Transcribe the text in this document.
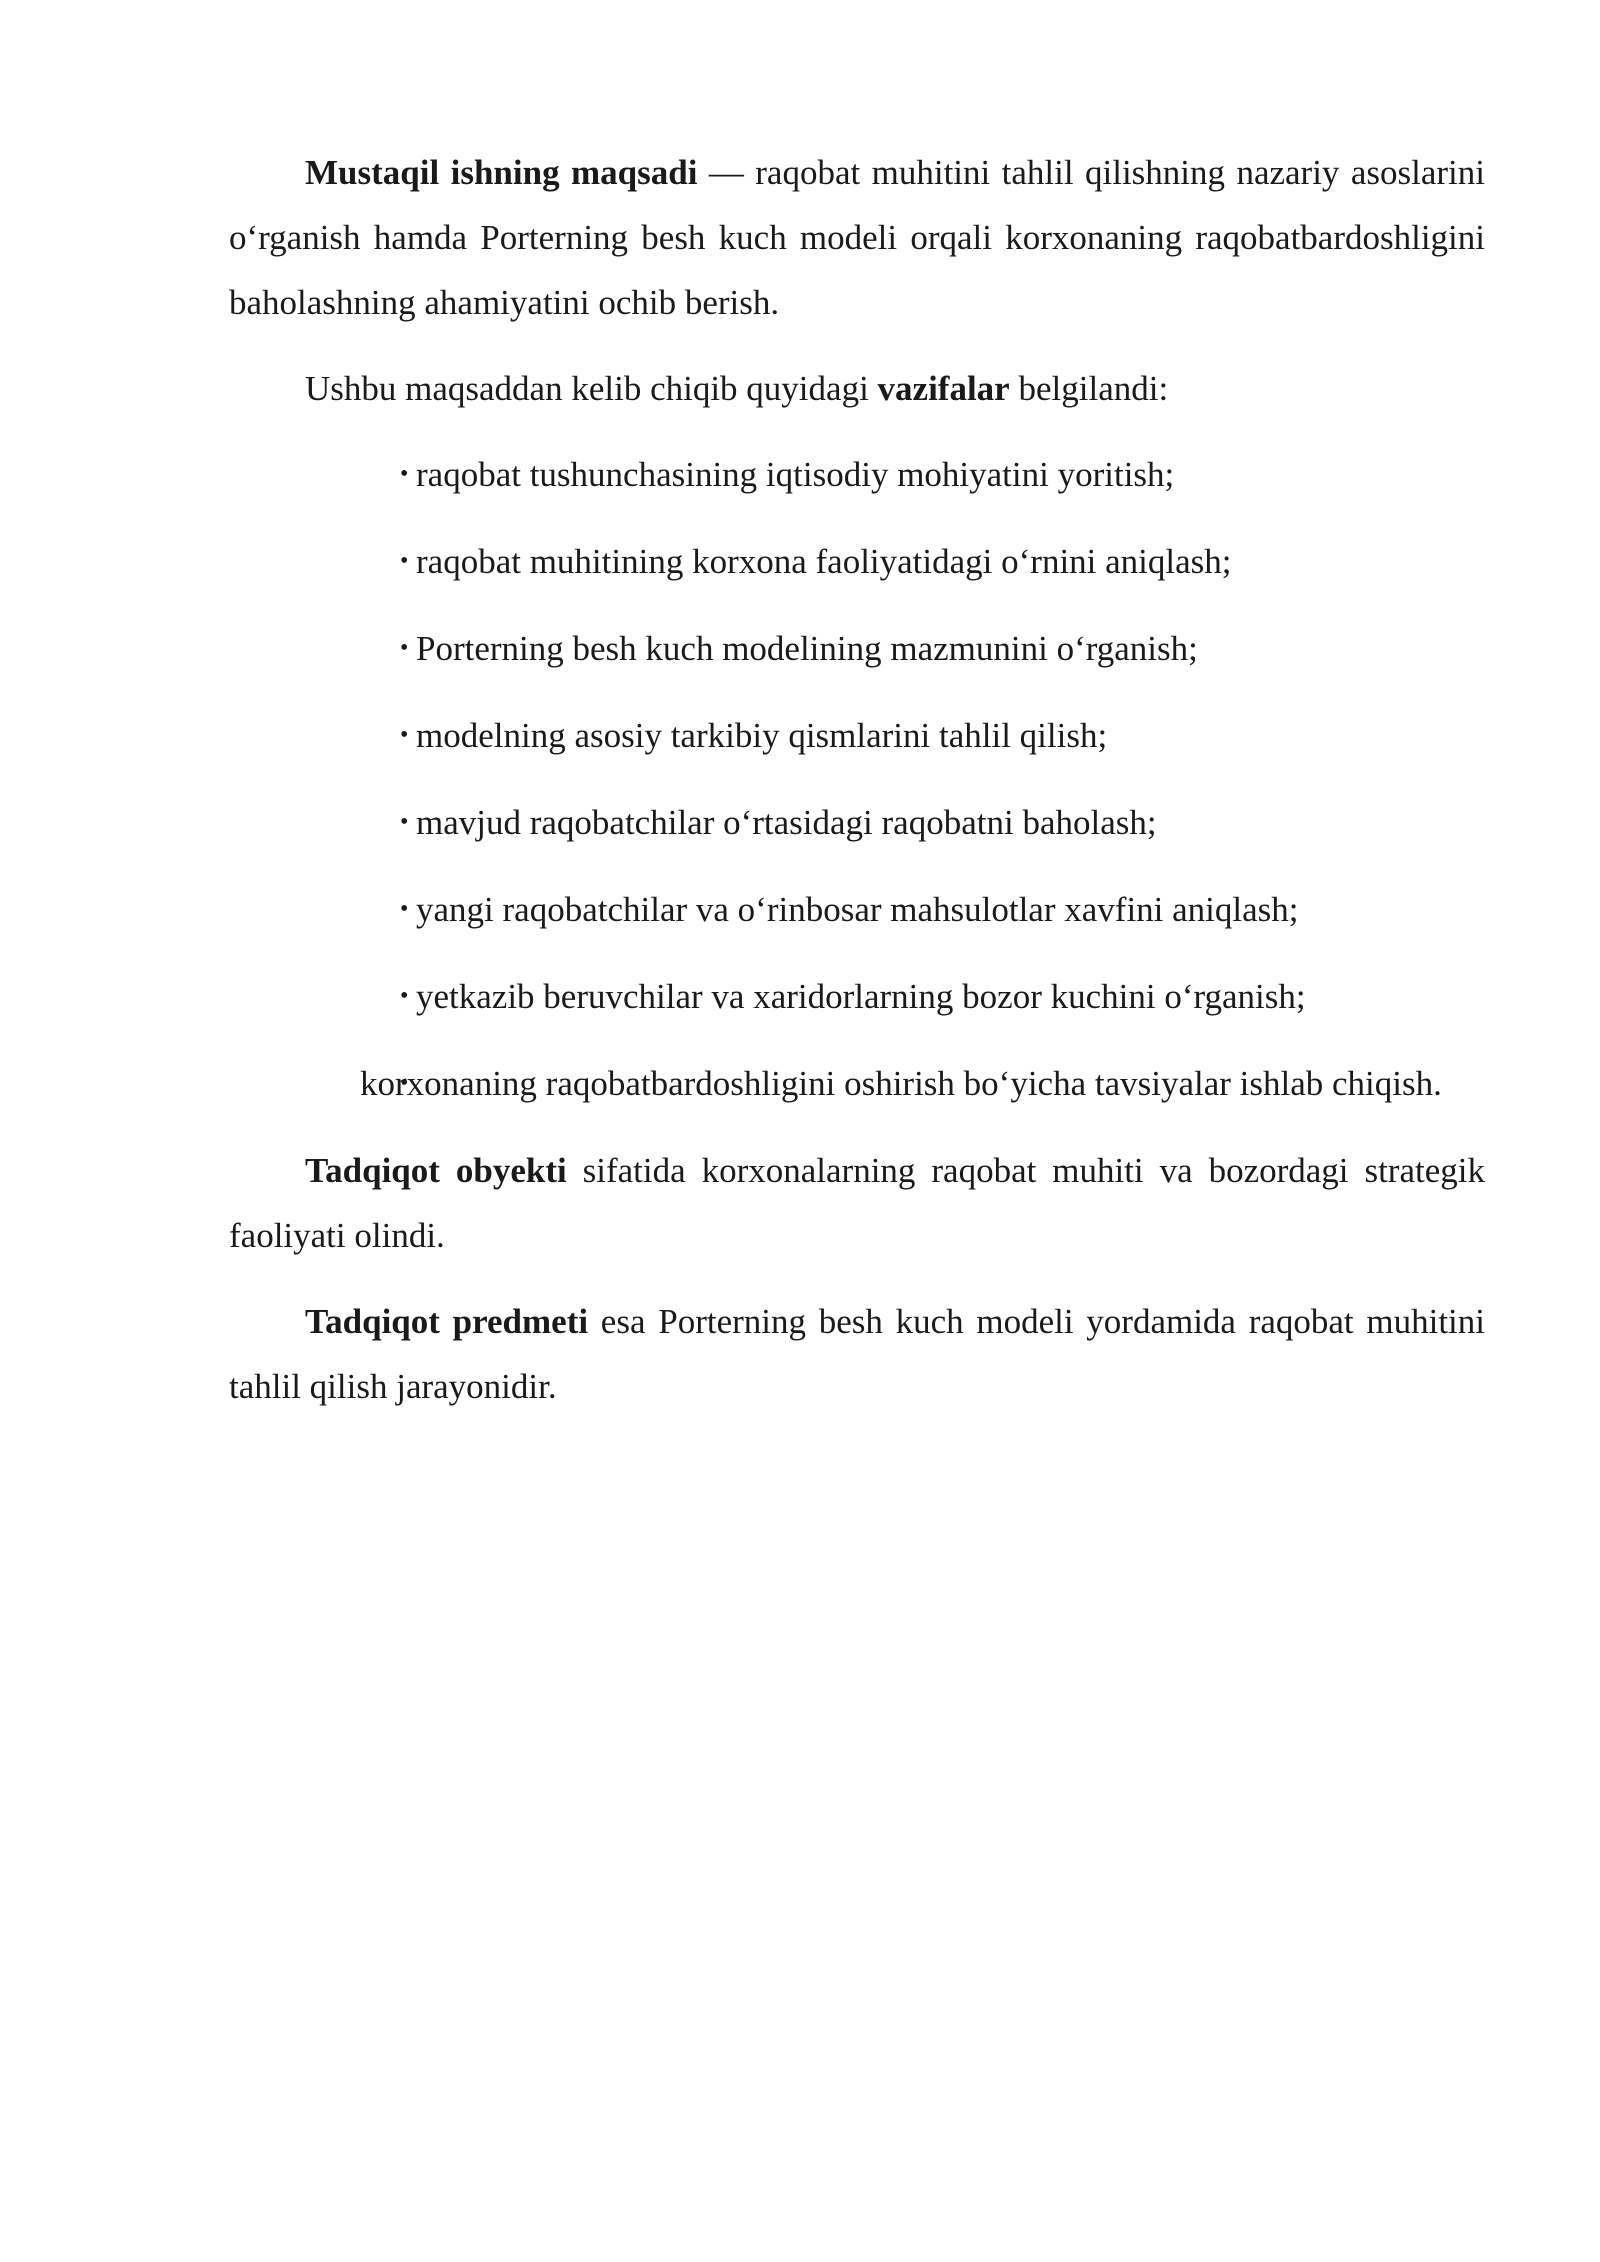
Mustaqil ishning maqsadi — raqobat muhitini tahlil qilishning nazariy asoslarini o‘rganish hamda Porterning besh kuch modeli orqali korxonaning raqobatbardoshligini baholashning ahamiyatini ochib berish.

Ushbu maqsaddan kelib chiqib quyidagi vazifalar belgilandi:

• raqobat tushunchasining iqtisodiy mohiyatini yoritish;
• raqobat muhitining korxona faoliyatidagi o‘rnini aniqlash;
• Porterning besh kuch modelining mazmunini o‘rganish;
• modelning asosiy tarkibiy qismlarini tahlil qilish;
• mavjud raqobatchilar o‘rtasidagi raqobatni baholash;
• yangi raqobatchilar va o‘rinbosar mahsulotlar xavfini aniqlash;
• yetkazib beruvchilar va xaridorlarning bozor kuchini o‘rganish;
• korxonaning raqobatbardoshligini oshirish bo‘yicha tavsiyalar ishlab chiqish.

Tadqiqot obyekti sifatida korxonalarning raqobat muhiti va bozordagi strategik faoliyati olindi.

Tadqiqot predmeti esa Porterning besh kuch modeli yordamida raqobat muhitini tahlil qilish jarayonidir.
